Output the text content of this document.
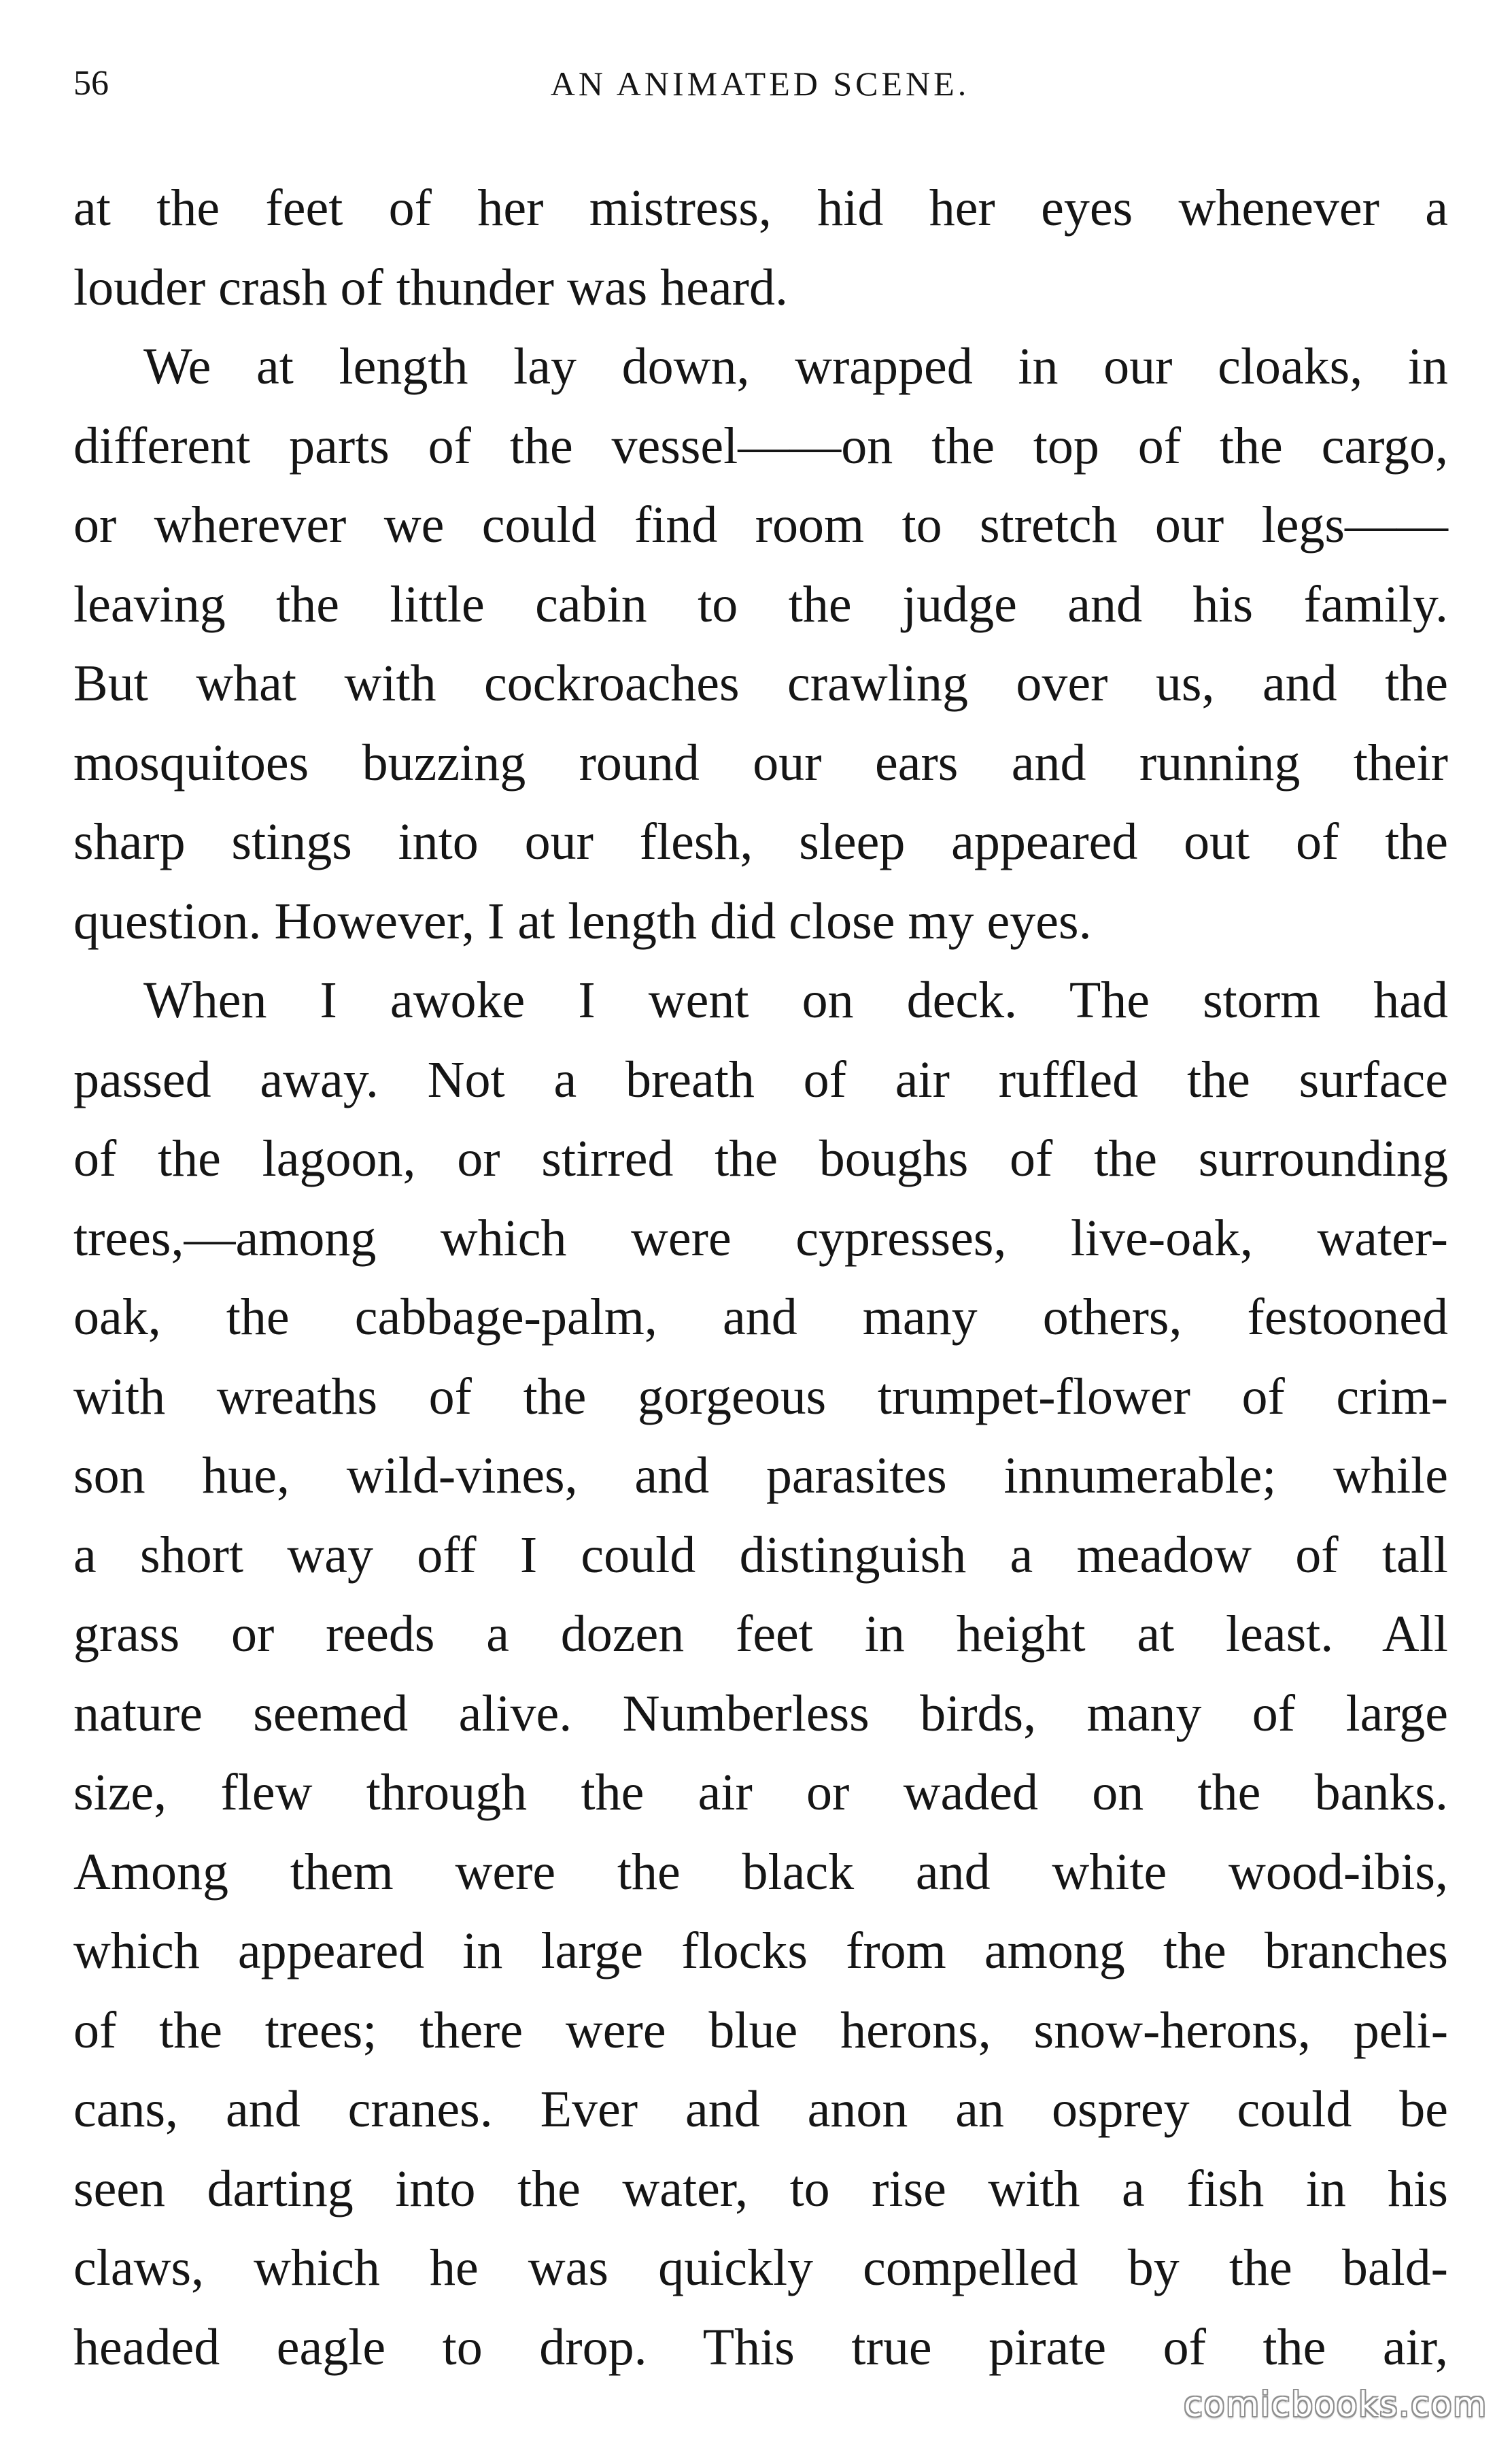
56	AN ANIMATED SCENE.
at the feet of her mistress, hid her eyes whenever a
louder crash of thunder was heard.
We at length lay down, wrapped in our cloaks, in
different parts of the vessel——on the top of the cargo,
or wherever we could find room to stretch our legs——
leaving the little cabin to the judge and his family.
But what with cockroaches crawling over us, and the
mosquitoes buzzing round our ears and running their
sharp stings into our flesh, sleep appeared out of the
question. However, I at length did close my eyes.
When I awoke I went on deck. The storm had
passed away. Not a breath of air ruffled the surface
of the lagoon, or stirred the boughs of the surrounding
trees,—among which were cypresses, live-oak, water-
oak, the cabbage-palm, and many others, festooned
with wreaths of the gorgeous trumpet-flower of crim-
son hue, wild-vines, and parasites innumerable; while
a short way off I could distinguish a meadow of tall
grass or reeds a dozen feet in height at least. All
nature seemed alive. Numberless birds, many of large
size, flew through the air or waded on the banks.
Among them were the black and white wood-ibis,
which appeared in large flocks from among the branches
of the trees; there were blue herons, snow-herons, peli-
cans, and cranes. Ever and anon an osprey could be
seen darting into the water, to rise with a fish in his
claws, which he was quickly compelled by the bald-
headed eagle to drop. This true pirate of the air,
comicbooks.com
